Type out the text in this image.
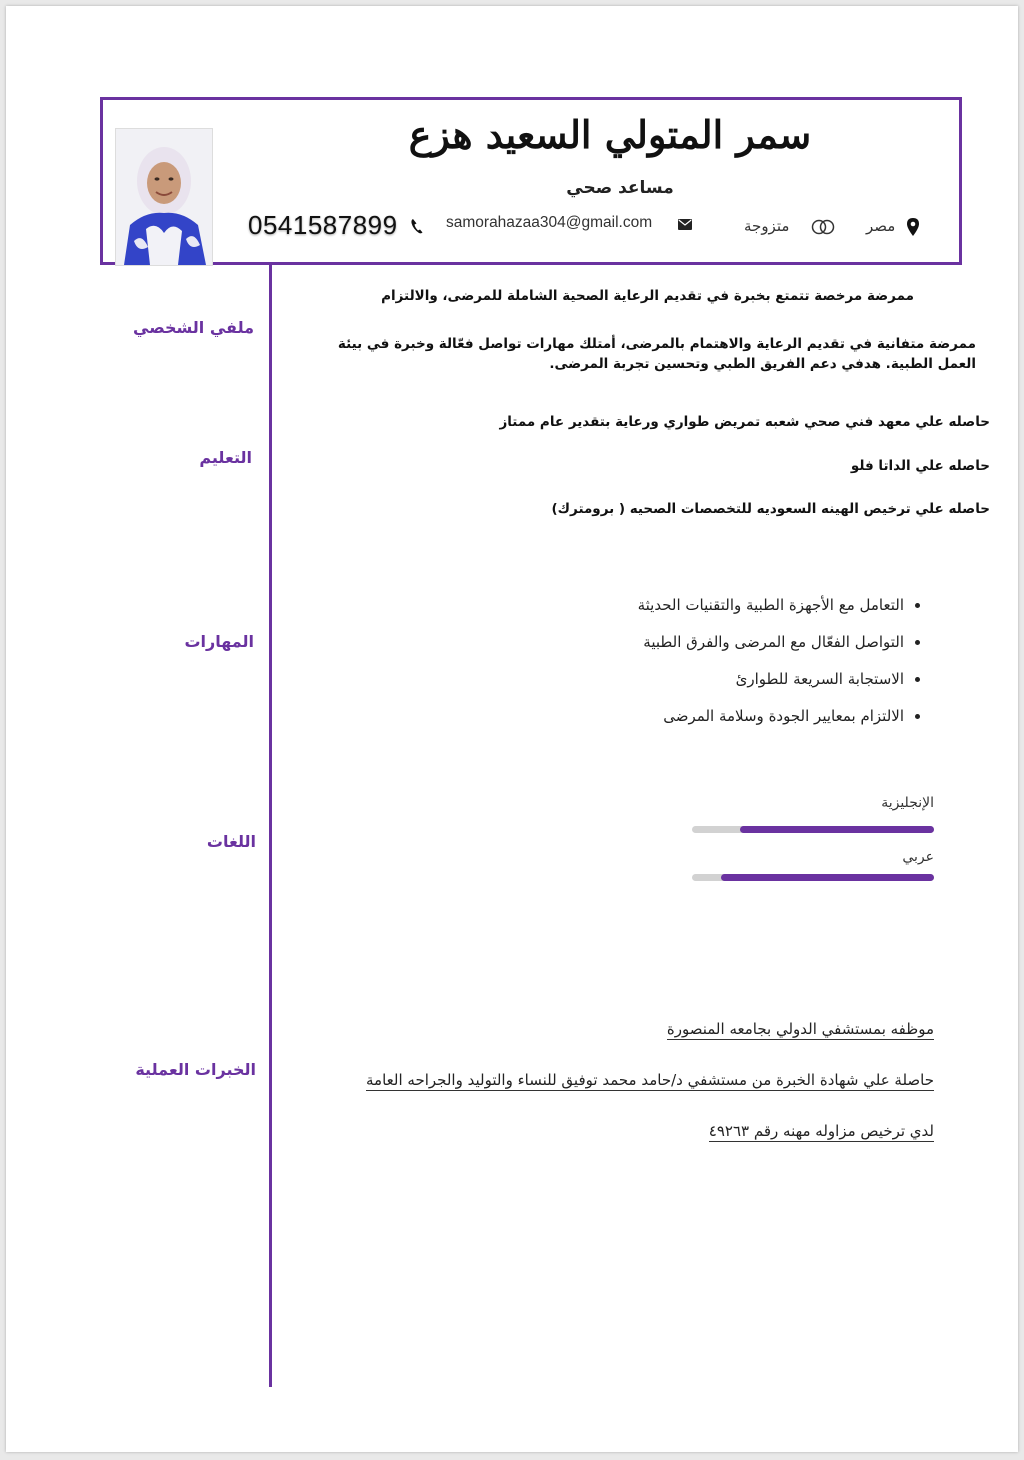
سمر المتولي السعيد هزع
مساعد صحي
0541587899	samorahazaa304@gmail.com	متزوجة	مصر
ملفي الشخصي
التعليم
المهارات
اللغات
الخبرات العملية
ممرضة مرخصة تتمتع بخبرة في تقديم الرعاية الصحية الشاملة للمرضى، والالتزام
ممرضة متفانية في تقديم الرعاية والاهتمام بالمرضى، أمتلك مهارات تواصل فعّالة وخبرة في بيئة العمل الطبية. هدفي دعم الفريق الطبي وتحسين تجربة المرضى.
حاصله علي معهد فني صحي شعبه تمريض طواري ورعاية بتقدير عام ممتاز
حاصله علي الداتا فلو
حاصله علي ترخيص الهينه السعوديه للتخصصات الصحيه ( برومترك)
• التعامل مع الأجهزة الطبية والتقنيات الحديثة
• التواصل الفعّال مع المرضى والفرق الطبية
• الاستجابة السريعة للطوارئ
• الالتزام بمعايير الجودة وسلامة المرضى
الإنجليزية
عربي
موظفه بمستشفي الدولي بجامعه المنصورة
حاصلة علي شهادة الخبرة من مستشفي د/حامد محمد توفيق للنساء والتوليد والجراحه العامة
لدي ترخيص مزاوله مهنه رقم ٤٩٢٦٣
